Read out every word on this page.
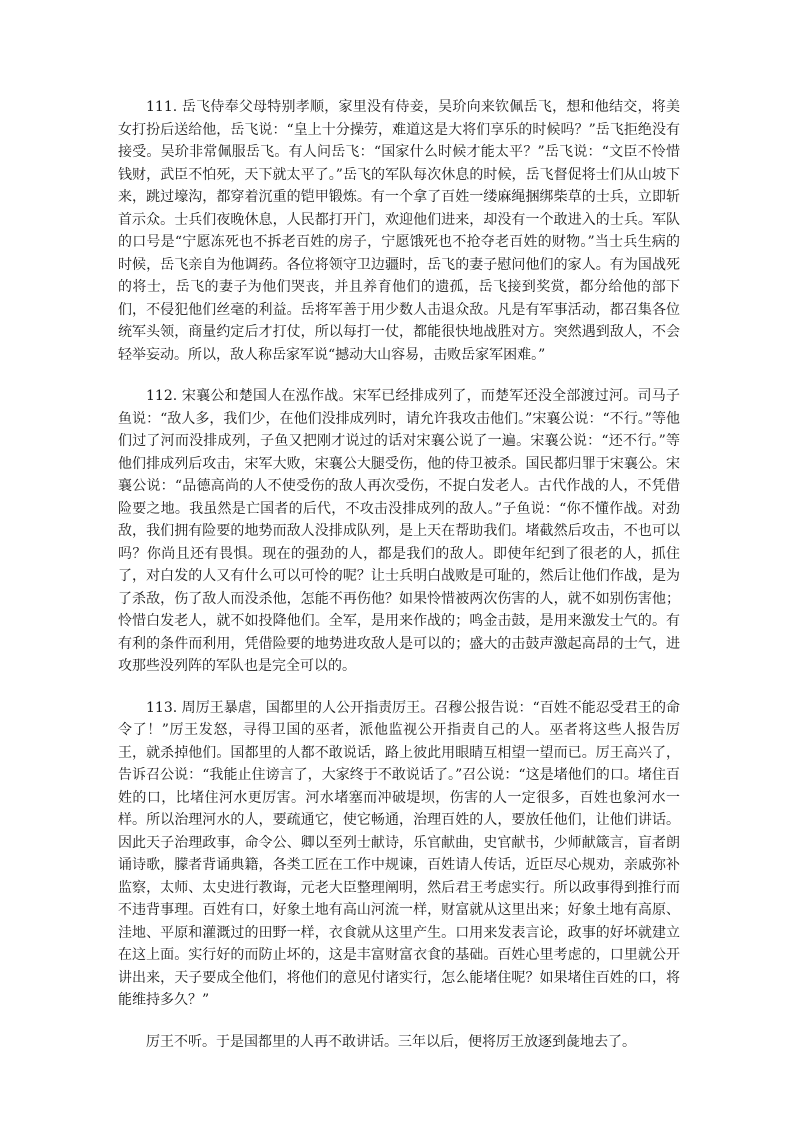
111. 岳飞侍奉父母特别孝顺，家里没有侍妾，吴玠向来钦佩岳飞，想和他结交，将美女打扮后送给他，岳飞说：“皇上十分操劳，难道这是大将们享乐的时候吗？”岳飞拒绝没有接受。吴玠非常佩服岳飞。有人问岳飞：“国家什么时候才能太平？”岳飞说：“文臣不怜惜钱财，武臣不怕死，天下就太平了。”岳飞的军队每次休息的时候，岳飞督促将士们从山坡下来，跳过壕沟，都穿着沉重的铠甲锻炼。有一个拿了百姓一缕麻绳捆绑柴草的士兵，立即斩首示众。士兵们夜晚休息，人民都打开门，欢迎他们进来，却没有一个敢进入的士兵。军队的口号是“宁愿冻死也不拆老百姓的房子，宁愿饿死也不抢夺老百姓的财物。”当士兵生病的时候，岳飞亲自为他调药。各位将领守卫边疆时，岳飞的妻子慰问他们的家人。有为国战死的将士，岳飞的妻子为他们哭丧，并且养育他们的遗孤，岳飞接到奖赏，都分给他的部下们，不侵犯他们丝毫的利益。岳将军善于用少数人击退众敌。凡是有军事活动，都召集各位统军头领，商量约定后才打仗，所以每打一仗，都能很快地战胜对方。突然遇到敌人，不会轻举妄动。所以，敌人称岳家军说“撼动大山容易，击败岳家军困难。”

112. 宋襄公和楚国人在泓作战。宋军已经排成列了，而楚军还没全部渡过河。司马子鱼说：“敌人多，我们少，在他们没排成列时，请允许我攻击他们。”宋襄公说：“不行。”等他们过了河而没排成列，子鱼又把刚才说过的话对宋襄公说了一遍。宋襄公说：“还不行。”等他们排成列后攻击，宋军大败，宋襄公大腿受伤，他的侍卫被杀。国民都归罪于宋襄公。宋襄公说：“品德高尚的人不使受伤的敌人再次受伤，不捉白发老人。古代作战的人，不凭借险要之地。我虽然是亡国者的后代，不攻击没排成列的敌人。”子鱼说：“你不懂作战。对劲敌，我们拥有险要的地势而敌人没排成队列，是上天在帮助我们。堵截然后攻击，不也可以吗？你尚且还有畏惧。现在的强劲的人，都是我们的敌人。即使年纪到了很老的人，抓住了，对白发的人又有什么可以可怜的呢？让士兵明白战败是可耻的，然后让他们作战，是为了杀敌，伤了敌人而没杀他，怎能不再伤他？如果怜惜被两次伤害的人，就不如别伤害他；怜惜白发老人，就不如投降他们。全军，是用来作战的；鸣金击鼓，是用来激发士气的。有有利的条件而利用，凭借险要的地势进攻敌人是可以的；盛大的击鼓声激起高昂的士气，进攻那些没列阵的军队也是完全可以的。

113. 周厉王暴虐，国都里的人公开指责厉王。召穆公报告说：“百姓不能忍受君王的命令了！”厉王发怒，寻得卫国的巫者，派他监视公开指责自己的人。巫者将这些人报告厉王，就杀掉他们。国都里的人都不敢说话，路上彼此用眼睛互相望一望而已。厉王高兴了，告诉召公说：“我能止住谤言了，大家终于不敢说话了。”召公说：“这是堵他们的口。堵住百姓的口，比堵住河水更厉害。河水堵塞而冲破堤坝，伤害的人一定很多，百姓也象河水一样。所以治理河水的人，要疏通它，使它畅通，治理百姓的人，要放任他们，让他们讲话。因此天子治理政事，命令公、卿以至列士献诗，乐官献曲，史官献书，少师献箴言，盲者朗诵诗歌，朦者背诵典籍，各类工匠在工作中规谏，百姓请人传话，近臣尽心规劝，亲戚弥补监察，太师、太史进行教诲，元老大臣整理阐明，然后君王考虑实行。所以政事得到推行而不违背事理。百姓有口，好象土地有高山河流一样，财富就从这里出来；好象土地有高原、洼地、平原和灌溉过的田野一样，衣食就从这里产生。口用来发表言论，政事的好坏就建立在这上面。实行好的而防止坏的，这是丰富财富衣食的基础。百姓心里考虑的，口里就公开讲出来，天子要成全他们，将他们的意见付诸实行，怎么能堵住呢？如果堵住百姓的口，将能维持多久？”

厉王不听。于是国都里的人再不敢讲话。三年以后，便将厉王放逐到彘地去了。
